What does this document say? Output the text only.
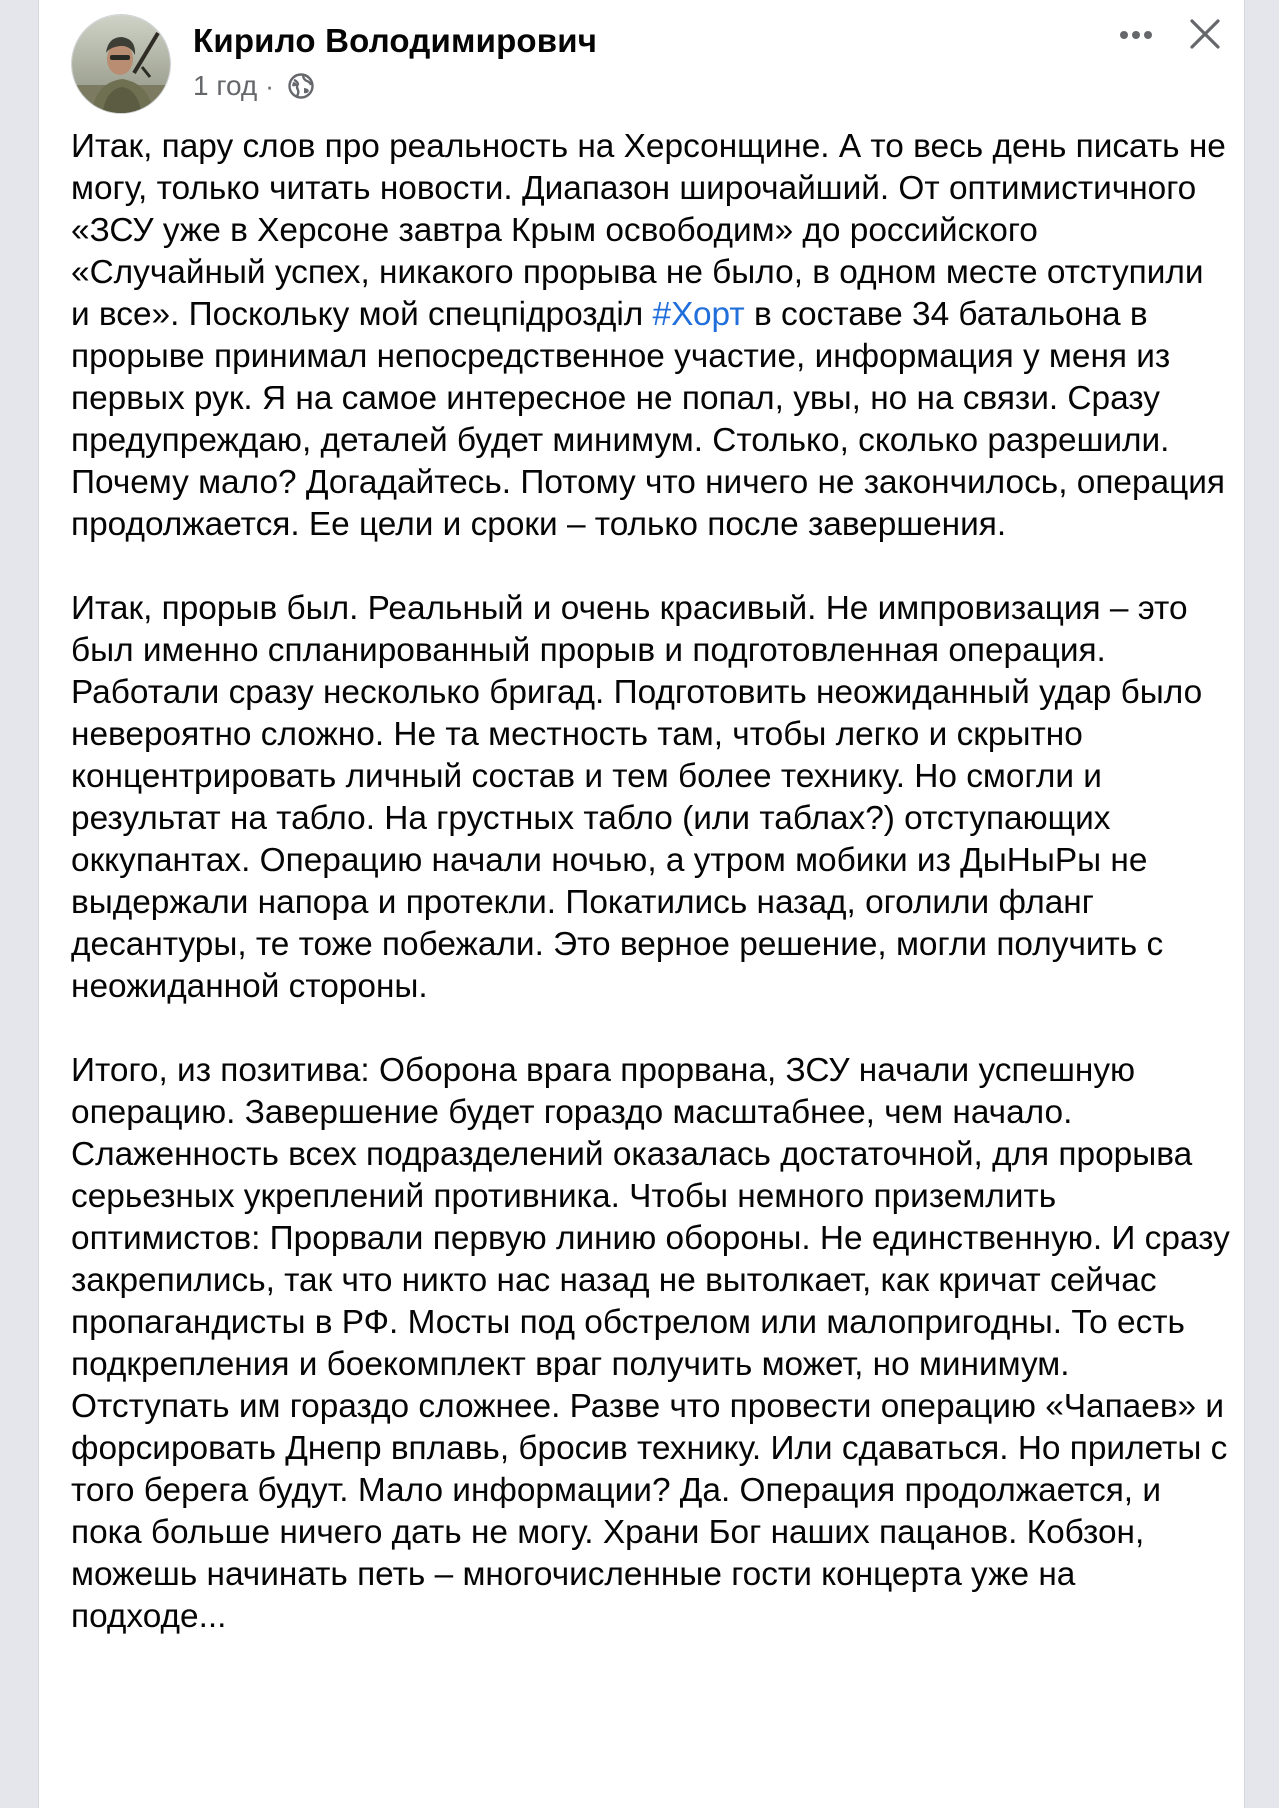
Кирило Володимирович
1 год ·

Итак, пару слов про реальность на Херсонщине. А то весь день писать не могу, только читать новости. Диапазон широчайший. От оптимистичного «ЗСУ уже в Херсоне завтра Крым освободим» до российского «Случайный успех, никакого прорыва не было, в одном месте отступили и все». Поскольку мой спецпідрозділ #Хорт в составе 34 батальона в прорыве принимал непосредственное участие, информация у меня из первых рук. Я на самое интересное не попал, увы, но на связи. Сразу предупреждаю, деталей будет минимум. Столько, сколько разрешили. Почему мало? Догадайтесь. Потому что ничего не закончилось, операция продолжается. Ее цели и сроки – только после завершения.

Итак, прорыв был. Реальный и очень красивый. Не импровизация – это был именно спланированный прорыв и подготовленная операция. Работали сразу несколько бригад. Подготовить неожиданный удар было невероятно сложно. Не та местность там, чтобы легко и скрытно концентрировать личный состав и тем более технику. Но смогли и результат на табло. На грустных табло (или таблах?) отступающих оккупантах. Операцию начали ночью, а утром мобики из ДыНыРы не выдержали напора и протекли. Покатились назад, оголили фланг десантуры, те тоже побежали. Это верное решение, могли получить с неожиданной стороны.

Итого, из позитива: Оборона врага прорвана, ЗСУ начали успешную операцию. Завершение будет гораздо масштабнее, чем начало. Слаженность всех подразделений оказалась достаточной, для прорыва серьезных укреплений противника. Чтобы немного приземлить оптимистов: Прорвали первую линию обороны. Не единственную. И сразу закрепились, так что никто нас назад не вытолкает, как кричат сейчас пропагандисты в РФ. Мосты под обстрелом или малопригодны. То есть подкрепления и боекомплект враг получить может, но минимум. Отступать им гораздо сложнее. Разве что провести операцию «Чапаев» и форсировать Днепр вплавь, бросив технику. Или сдаваться. Но прилеты с того берега будут. Мало информации? Да. Операция продолжается, и пока больше ничего дать не могу. Храни Бог наших пацанов. Кобзон, можешь начинать петь – многочисленные гости концерта уже на подходе...
